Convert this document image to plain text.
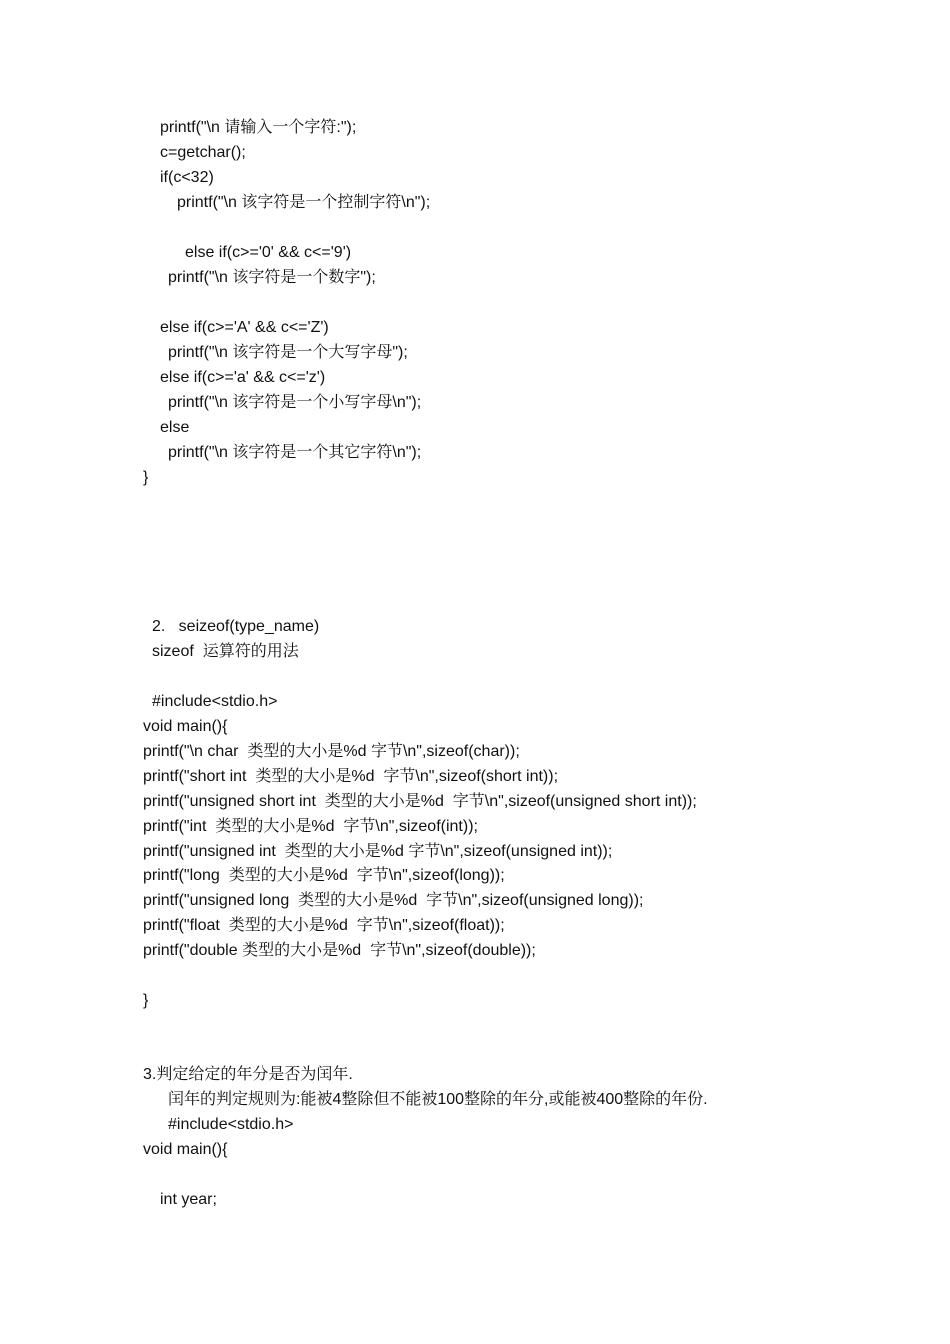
printf("\n 请输入一个字符:");
c=getchar();
if(c<32)
printf("\n 该字符是一个控制字符\n");
else if(c>='0' && c<='9')
printf("\n 该字符是一个数字");
else if(c>='A' && c<='Z')
printf("\n 该字符是一个大写字母");
else if(c>='a' && c<='z')
printf("\n 该字符是一个小写字母\n");
else
printf("\n 该字符是一个其它字符\n");
}
2.   seizeof(type_name)
sizeof  运算符的用法
#include<stdio.h>
void main(){
printf("\n char  类型的大小是%d 字节\n",sizeof(char));
printf("short int  类型的大小是%d  字节\n",sizeof(short int));
printf("unsigned short int  类型的大小是%d  字节\n",sizeof(unsigned short int));
printf("int  类型的大小是%d  字节\n",sizeof(int));
printf("unsigned int  类型的大小是%d 字节\n",sizeof(unsigned int));
printf("long  类型的大小是%d  字节\n",sizeof(long));
printf("unsigned long  类型的大小是%d  字节\n",sizeof(unsigned long));
printf("float  类型的大小是%d  字节\n",sizeof(float));
printf("double 类型的大小是%d  字节\n",sizeof(double));
}
3.判定给定的年分是否为闰年.
闰年的判定规则为:能被4整除但不能被100整除的年分,或能被400整除的年份.
#include<stdio.h>
void main(){
int year;
